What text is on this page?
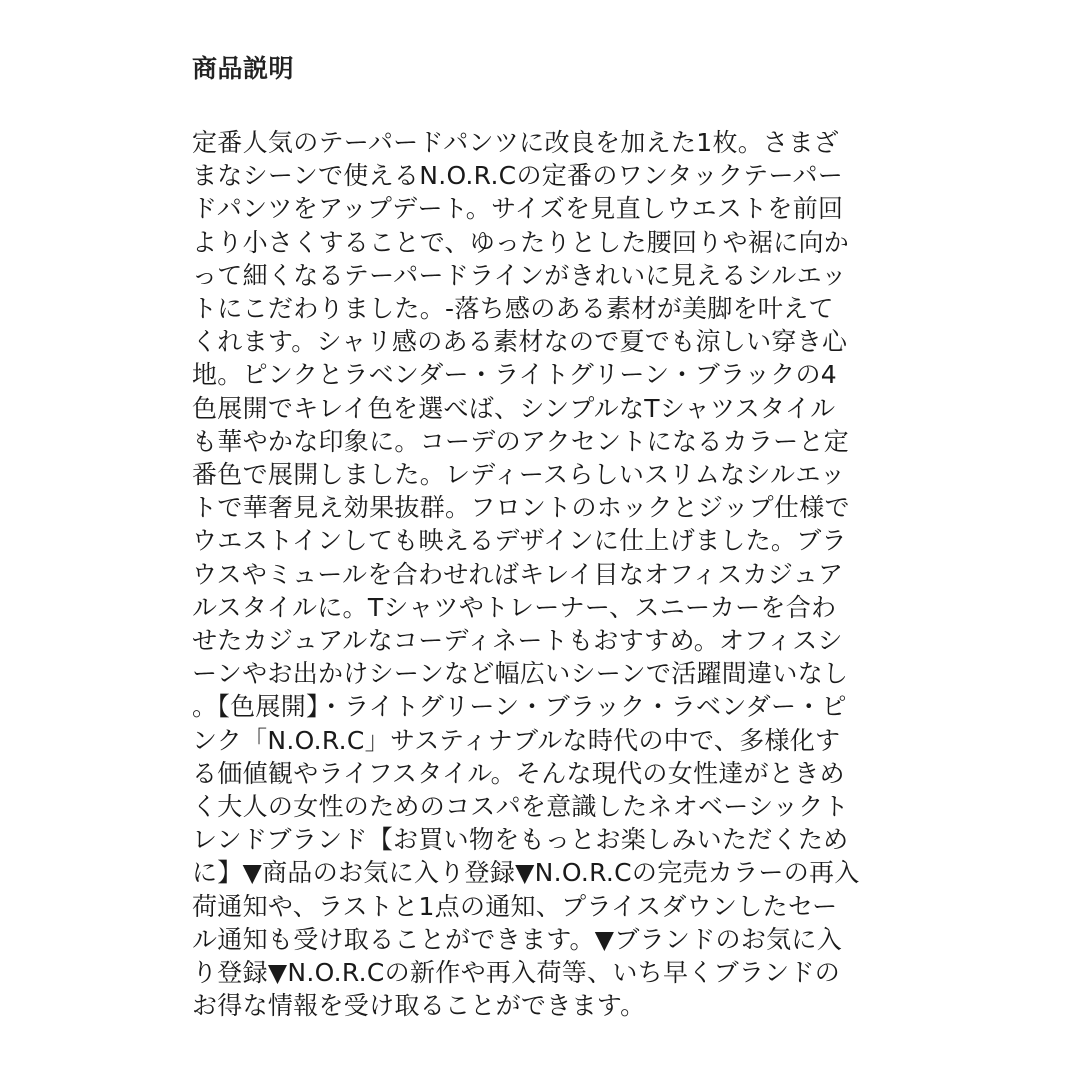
商品説明

定番人気のテーパードパンツに改良を加えた1枚。さまざ
まなシーンで使えるN.O.R.Cの定番のワンタックテーパー
ドパンツをアップデート。サイズを見直しウエストを前回
より小さくすることで、ゆったりとした腰回りや裾に向か
って細くなるテーパードラインがきれいに見えるシルエッ
トにこだわりました。-落ち感のある素材が美脚を叶えて
くれます。シャリ感のある素材なので夏でも涼しい穿き心
地。ピンクとラベンダー・ライトグリーン・ブラックの4
色展開でキレイ色を選べば、シンプルなTシャツスタイル
も華やかな印象に。コーデのアクセントになるカラーと定
番色で展開しました。レディースらしいスリムなシルエッ
トで華奢見え効果抜群。フロントのホックとジップ仕様で
ウエストインしても映えるデザインに仕上げました。ブラ
ウスやミュールを合わせればキレイ目なオフィスカジュア
ルスタイルに。Tシャツやトレーナー、スニーカーを合わ
せたカジュアルなコーディネートもおすすめ。オフィスシ
ーンやお出かけシーンなど幅広いシーンで活躍間違いなし
。【色展開】・ライトグリーン・ブラック・ラベンダー・ピ
ンク「N.O.R.C」サスティナブルな時代の中で、多様化す
る価値観やライフスタイル。そんな現代の女性達がときめ
く大人の女性のためのコスパを意識したネオベーシックト
レンドブランド【お買い物をもっとお楽しみいただくため
に】▼商品のお気に入り登録▼N.O.R.Cの完売カラーの再入
荷通知や、ラストと1点の通知、プライスダウンしたセー
ル通知も受け取ることができます。▼ブランドのお気に入
り登録▼N.O.R.Cの新作や再入荷等、いち早くブランドの
お得な情報を受け取ることができます。
